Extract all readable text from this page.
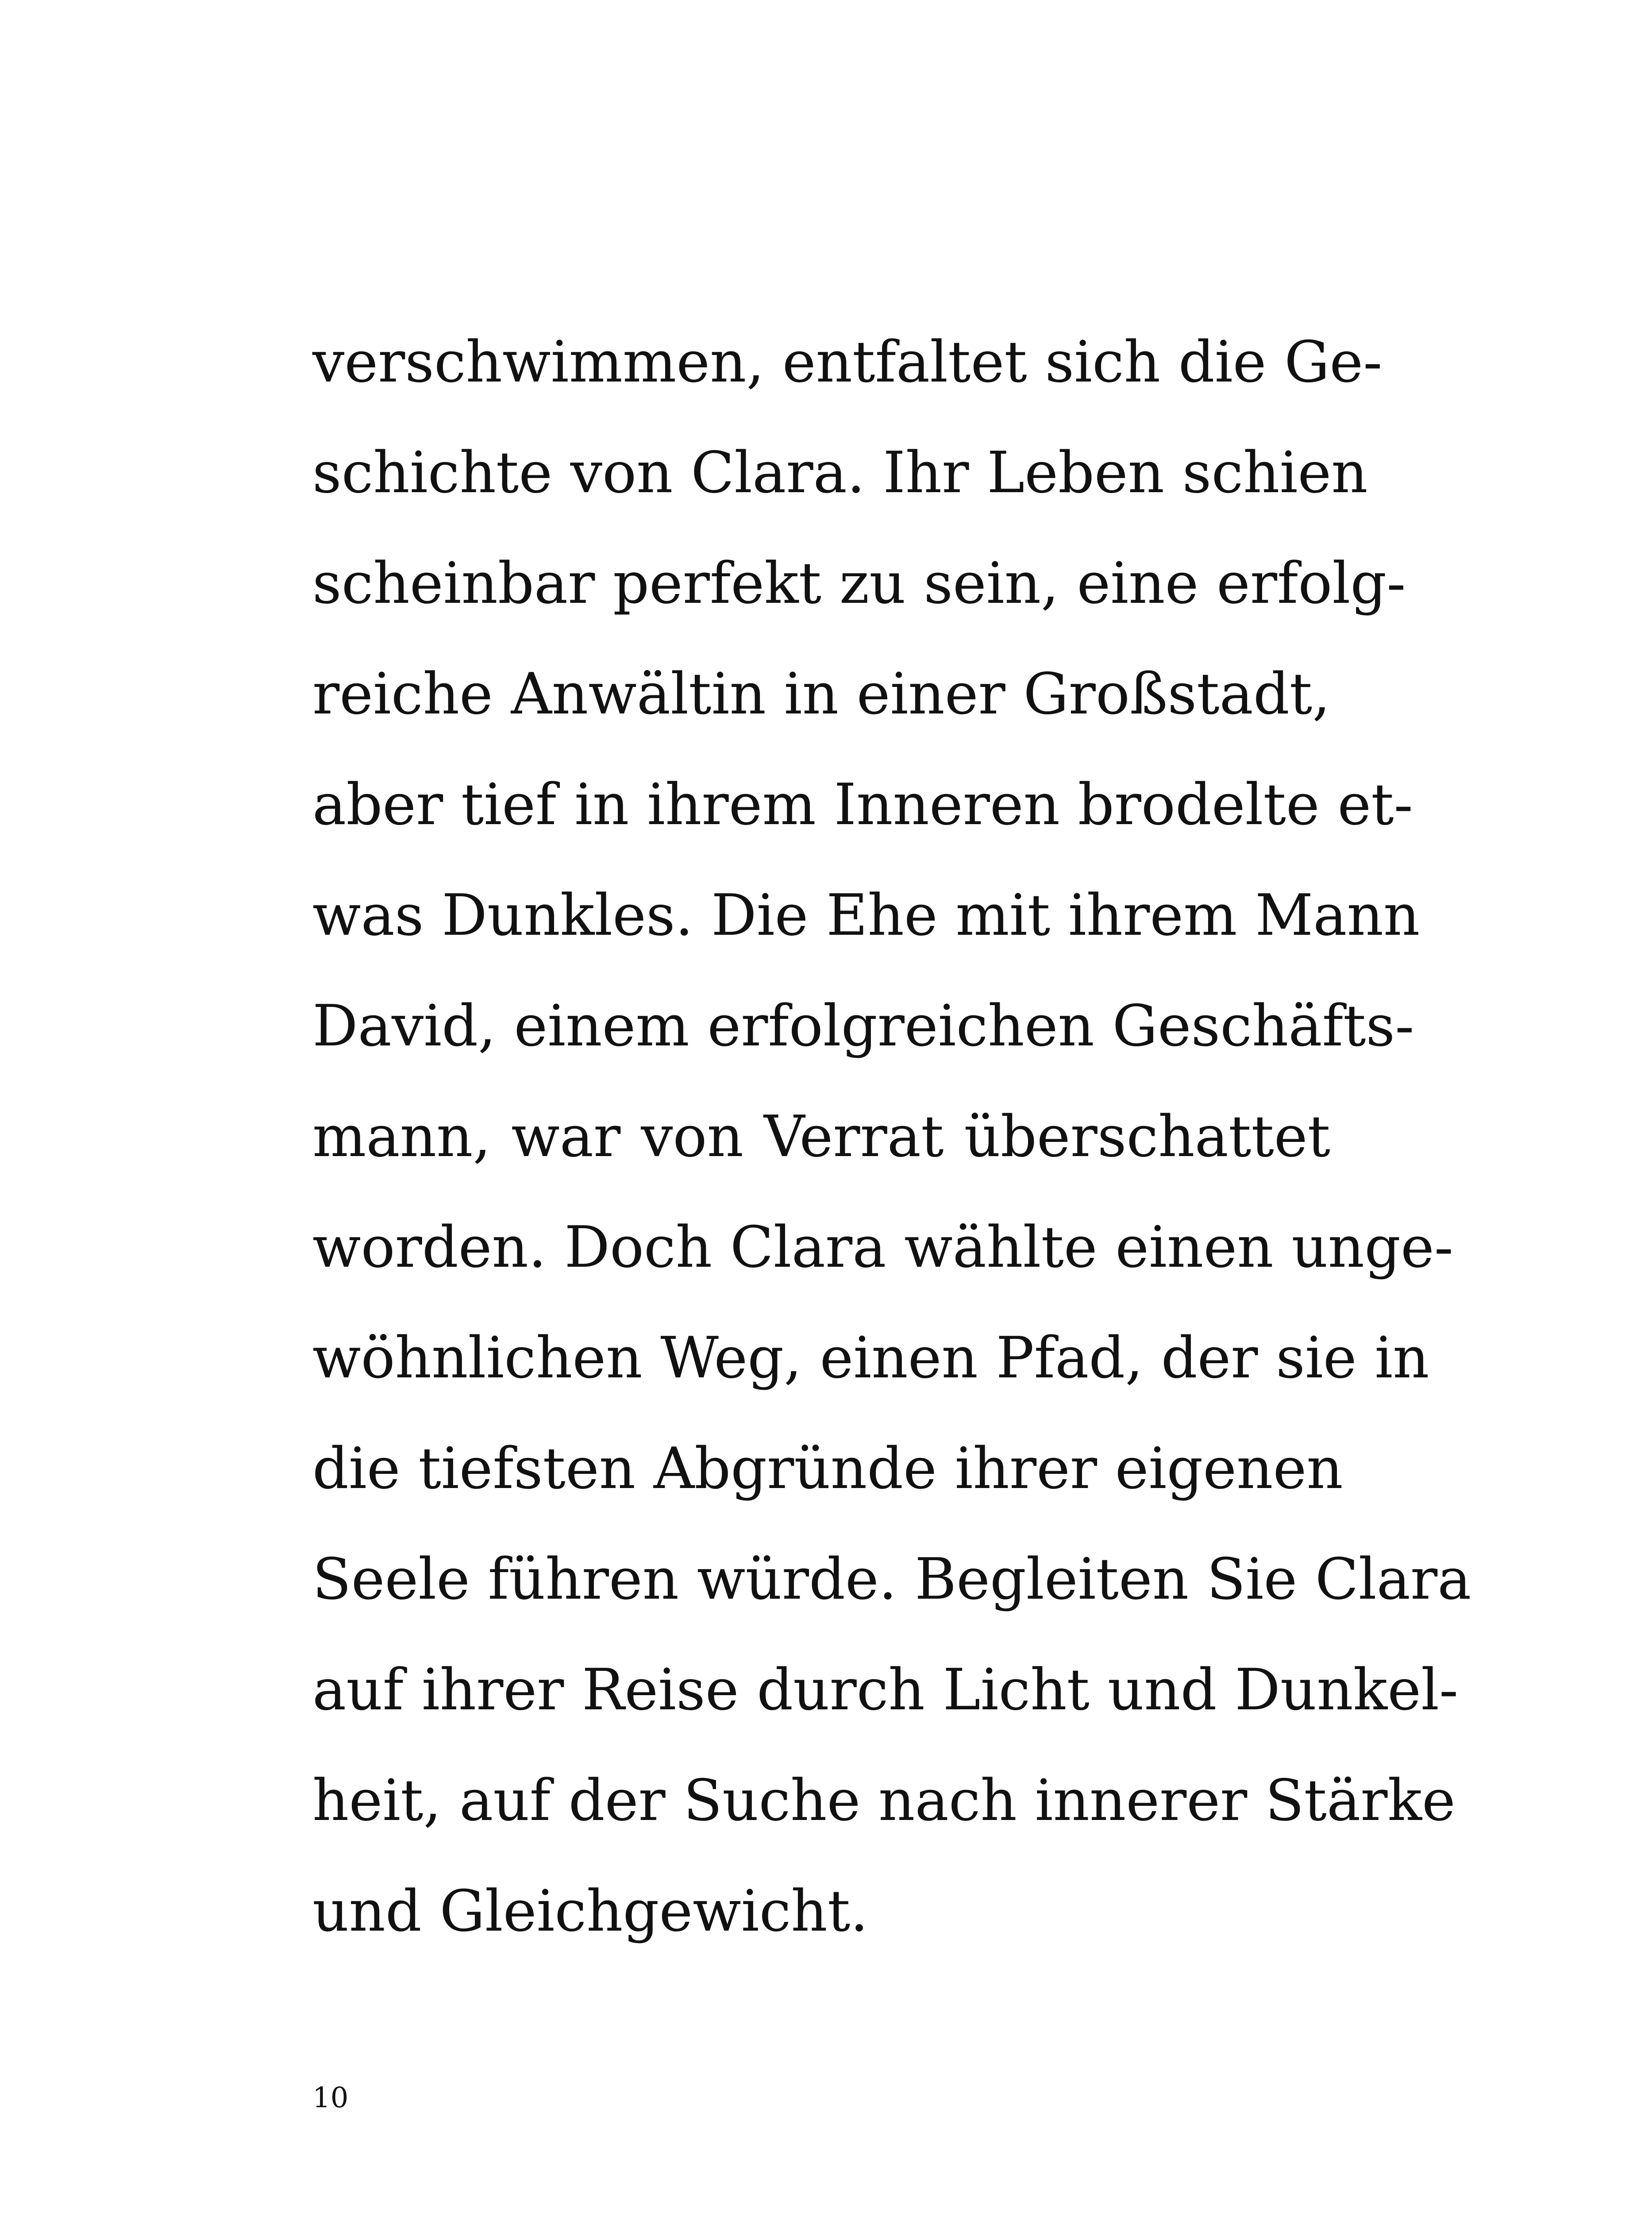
verschwimmen, entfaltet sich die Ge-
schichte von Clara. Ihr Leben schien
scheinbar perfekt zu sein, eine erfolg-
reiche Anwältin in einer Großstadt,
aber tief in ihrem Inneren brodelte et-
was Dunkles. Die Ehe mit ihrem Mann
David, einem erfolgreichen Geschäfts-
mann, war von Verrat überschattet
worden. Doch Clara wählte einen unge-
wöhnlichen Weg, einen Pfad, der sie in
die tiefsten Abgründe ihrer eigenen
Seele führen würde. Begleiten Sie Clara
auf ihrer Reise durch Licht und Dunkel-
heit, auf der Suche nach innerer Stärke
und Gleichgewicht.

10
